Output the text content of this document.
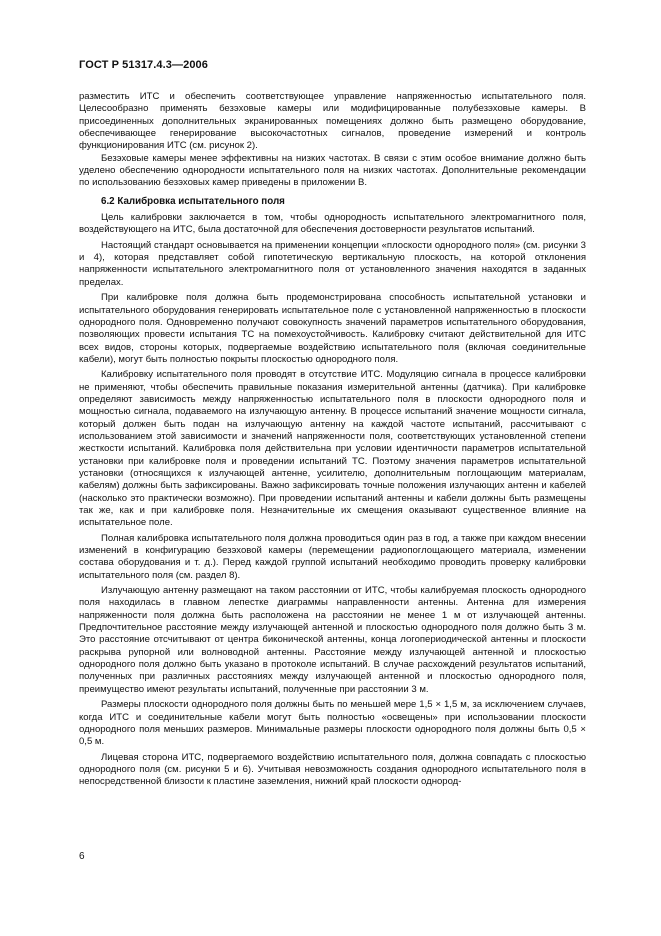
ГОСТ Р 51317.4.3—2006

разместить ИТС и обеспечить соответствующее управление напряженностью испытательного поля. Целесообразно применять безэховые камеры или модифицированные полубезэховые камеры. В присоединенных дополнительных экранированных помещениях должно быть размещено оборудование, обеспечивающее генерирование высокочастотных сигналов, проведение измерений и контроль функционирования ИТС (см. рисунок 2).

Безэховые камеры менее эффективны на низких частотах. В связи с этим особое внимание должно быть уделено обеспечению однородности испытательного поля на низких частотах. Дополнительные рекомендации по использованию безэховых камер приведены в приложении В.

6.2 Калибровка испытательного поля

Цель калибровки заключается в том, чтобы однородность испытательного электромагнитного поля, воздействующего на ИТС, была достаточной для обеспечения достоверности результатов испытаний.

Настоящий стандарт основывается на применении концепции «плоскости однородного поля» (см. рисунки 3 и 4), которая представляет собой гипотетическую вертикальную плоскость, на которой отклонения напряженности испытательного электромагнитного поля от установленного значения находятся в заданных пределах.

При калибровке поля должна быть продемонстрирована способность испытательной установки и испытательного оборудования генерировать испытательное поле с установленной напряженностью в плоскости однородного поля. Одновременно получают совокупность значений параметров испытательного оборудования, позволяющих провести испытания ТС на помехоустойчивость. Калибровку считают действительной для ИТС всех видов, стороны которых, подвергаемые воздействию испытательного поля (включая соединительные кабели), могут быть полностью покрыты плоскостью однородного поля.

Калибровку испытательного поля проводят в отсутствие ИТС. Модуляцию сигнала в процессе калибровки не применяют, чтобы обеспечить правильные показания измерительной антенны (датчика). При калибровке определяют зависимость между напряженностью испытательного поля в плоскости однородного поля и мощностью сигнала, подаваемого на излучающую антенну. В процессе испытаний значение мощности сигнала, который должен быть подан на излучающую антенну на каждой частоте испытаний, рассчитывают с использованием этой зависимости и значений напряженности поля, соответствующих установленной степени жесткости испытаний. Калибровка поля действительна при условии идентичности параметров испытательной установки при калибровке поля и проведении испытаний ТС. Поэтому значения параметров испытательной установки (относящихся к излучающей антенне, усилителю, дополнительным поглощающим материалам, кабелям) должны быть зафиксированы. Важно зафиксировать точные положения излучающих антенн и кабелей (насколько это практически возможно). При проведении испытаний антенны и кабели должны быть размещены так же, как и при калибровке поля. Незначительные их смещения оказывают существенное влияние на испытательное поле.

Полная калибровка испытательного поля должна проводиться один раз в год, а также при каждом внесении изменений в конфигурацию безэховой камеры (перемещении радиопоглощающего материала, изменении состава оборудования и т. д.). Перед каждой группой испытаний необходимо проводить проверку калибровки испытательного поля (см. раздел 8).

Излучающую антенну размещают на таком расстоянии от ИТС, чтобы калибруемая плоскость однородного поля находилась в главном лепестке диаграммы направленности антенны. Антенна для измерения напряженности поля должна быть расположена на расстоянии не менее 1 м от излучающей антенны. Предпочтительное расстояние между излучающей антенной и плоскостью однородного поля должно быть 3 м. Это расстояние отсчитывают от центра биконической антенны, конца логопериодической антенны и плоскости раскрыва рупорной или волноводной антенны. Расстояние между излучающей антенной и плоскостью однородного поля должно быть указано в протоколе испытаний. В случае расхождений результатов испытаний, полученных при различных расстояниях между излучающей антенной и плоскостью однородного поля, преимущество имеют результаты испытаний, полученные при расстоянии 3 м.

Размеры плоскости однородного поля должны быть по меньшей мере 1,5 × 1,5 м, за исключением случаев, когда ИТС и соединительные кабели могут быть полностью «освещены» при использовании плоскости однородного поля меньших размеров. Минимальные размеры плоскости однородного поля должны быть 0,5 × 0,5 м.

Лицевая сторона ИТС, подвергаемого воздействию испытательного поля, должна совпадать с плоскостью однородного поля (см. рисунки 5 и 6). Учитывая невозможность создания однородного испытательного поля в непосредственной близости к пластине заземления, нижний край плоскости однород-

6
